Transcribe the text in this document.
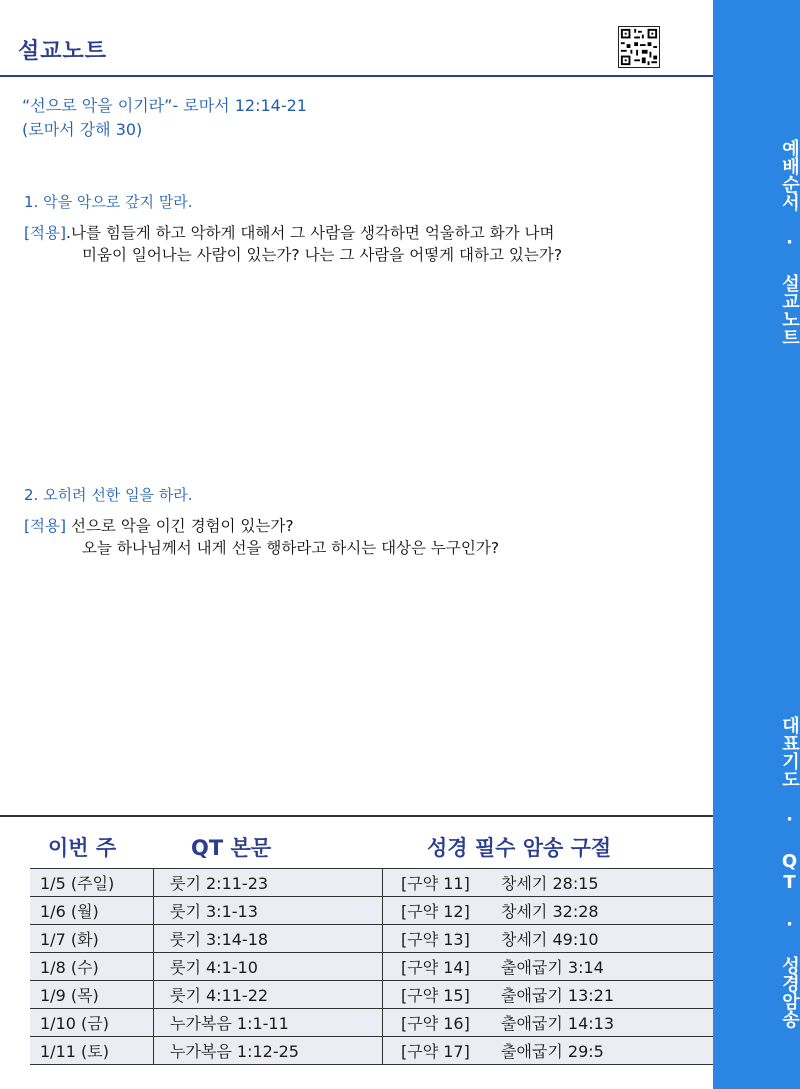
설교노트
“선으로 악을 이기라”- 로마서 12:14-21
(로마서 강해 30)
1. 악을 악으로 갚지 말라.
[적용].나를 힘들게 하고 악하게 대해서 그 사람을 생각하면 억울하고 화가 나며
미움이 일어나는 사람이 있는가? 나는 그 사람을 어떻게 대하고 있는가?
2. 오히려 선한 일을 하라.
[적용] 선으로 악을 이긴 경험이 있는가?
오늘 하나님께서 내게 선을 행하라고 하시는 대상은 누구인가?
이번 주	QT 본문	성경 필수 암송 구절
1/5 (주일)	룻기 2:11-23	[구약 11] 창세기 28:15
1/6 (월)	룻기 3:1-13	[구약 12] 창세기 32:28
1/7 (화)	룻기 3:14-18	[구약 13] 창세기 49:10
1/8 (수)	룻기 4:1-10	[구약 14] 출애굽기 3:14
1/9 (목)	룻기 4:11-22	[구약 15] 출애굽기 13:21
1/10 (금)	누가복음 1:1-11	[구약 16] 출애굽기 14:13
1/11 (토)	누가복음 1:12-25	[구약 17] 출애굽기 29:5
예배순서 · 설교노트
대표기도 · QT · 성경암송
